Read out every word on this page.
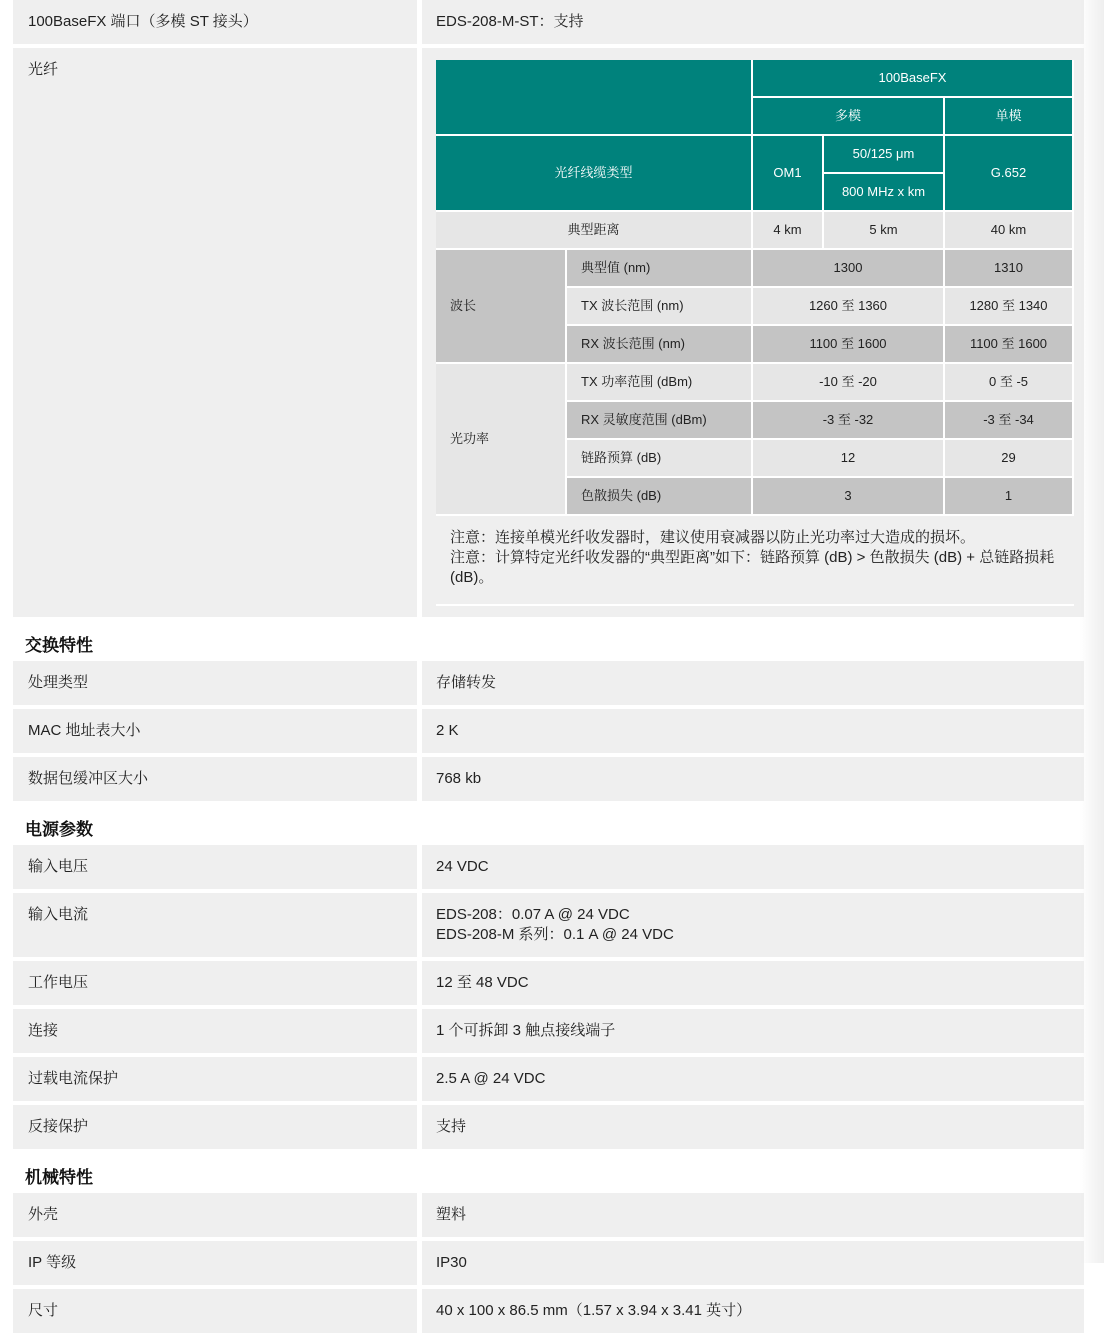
100BaseFX 端口（多模 ST 接头）	EDS-208-M-ST：支持
光纤
		100BaseFX		
		多模		单模
光纤线缆类型		OM1	50/125 μm	G.652
			800 MHz x km	
典型距离		4 km	5 km	40 km
波长	典型值 (nm)	1300		1310
	TX 波长范围 (nm)	1260 至 1360		1280 至 1340
	RX 波长范围 (nm)	1100 至 1600		1100 至 1600
光功率	TX 功率范围 (dBm)	-10 至 -20		0 至 -5
	RX 灵敏度范围 (dBm)	-3 至 -32		-3 至 -34
	链路预算 (dB)	12		29
	色散损失 (dB)	3		1

注意：连接单模光纤收发器时，建议使用衰减器以防止光功率过大造成的损坏。
注意：计算特定光纤收发器的“典型距离”如下：链路预算 (dB) > 色散损失 (dB) + 总链路损耗 (dB)。				
交换特性
处理类型	存储转发
MAC 地址表大小	2 K
数据包缓冲区大小	768 kb
电源参数
输入电压	24 VDC
输入电流	EDS-208：0.07 A @ 24 VDC
EDS-208-M 系列：0.1 A @ 24 VDC
工作电压	12 至 48 VDC
连接	1 个可拆卸 3 触点接线端子
过载电流保护	2.5 A @ 24 VDC
反接保护	支持
机械特性
外壳	塑料
IP 等级	IP30
尺寸	40 x 100 x 86.5 mm（1.57 x 3.94 x 3.41 英寸）
